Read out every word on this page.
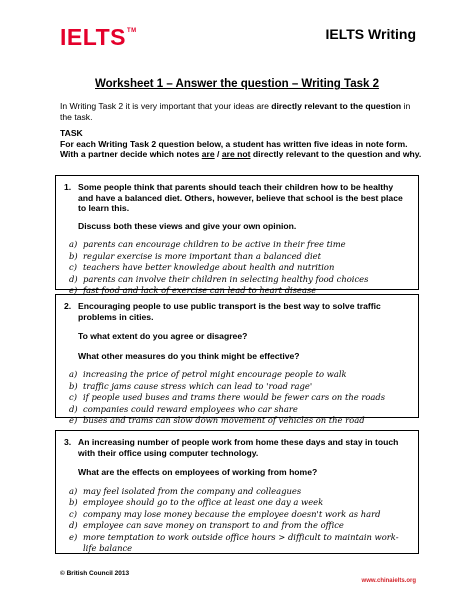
IELTS™	IELTS Writing
Worksheet 1 – Answer the question – Writing Task 2
In Writing Task 2 it is very important that your ideas are directly relevant to the question in the task.
TASK
For each Writing Task 2 question below, a student has written five ideas in note form.
With a partner decide which notes are / are not directly relevant to the question and why.
1. Some people think that parents should teach their children how to be healthy and have a balanced diet. Others, however, believe that school is the best place to learn this.
Discuss both these views and give your own opinion.
a) parents can encourage children to be active in their free time
b) regular exercise is more important than a balanced diet
c) teachers have better knowledge about health and nutrition
d) parents can involve their children in selecting healthy food choices
e) fast food and lack of exercise can lead to heart disease
2. Encouraging people to use public transport is the best way to solve traffic problems in cities.
To what extent do you agree or disagree?
What other measures do you think might be effective?
a) increasing the price of petrol might encourage people to walk
b) traffic jams cause stress which can lead to 'road rage'
c) if people used buses and trams there would be fewer cars on the roads
d) companies could reward employees who car share
e) buses and trams can slow down movement of vehicles on the road
3. An increasing number of people work from home these days and stay in touch with their office using computer technology.
What are the effects on employees of working from home?
a) may feel isolated from the company and colleagues
b) employee should go to the office at least one day a week
c) company may lose money because the employee doesn't work as hard
d) employee can save money on transport to and from the office
e) more temptation to work outside office hours > difficult to maintain work-life balance
© British Council 2013
www.chinaielts.org
